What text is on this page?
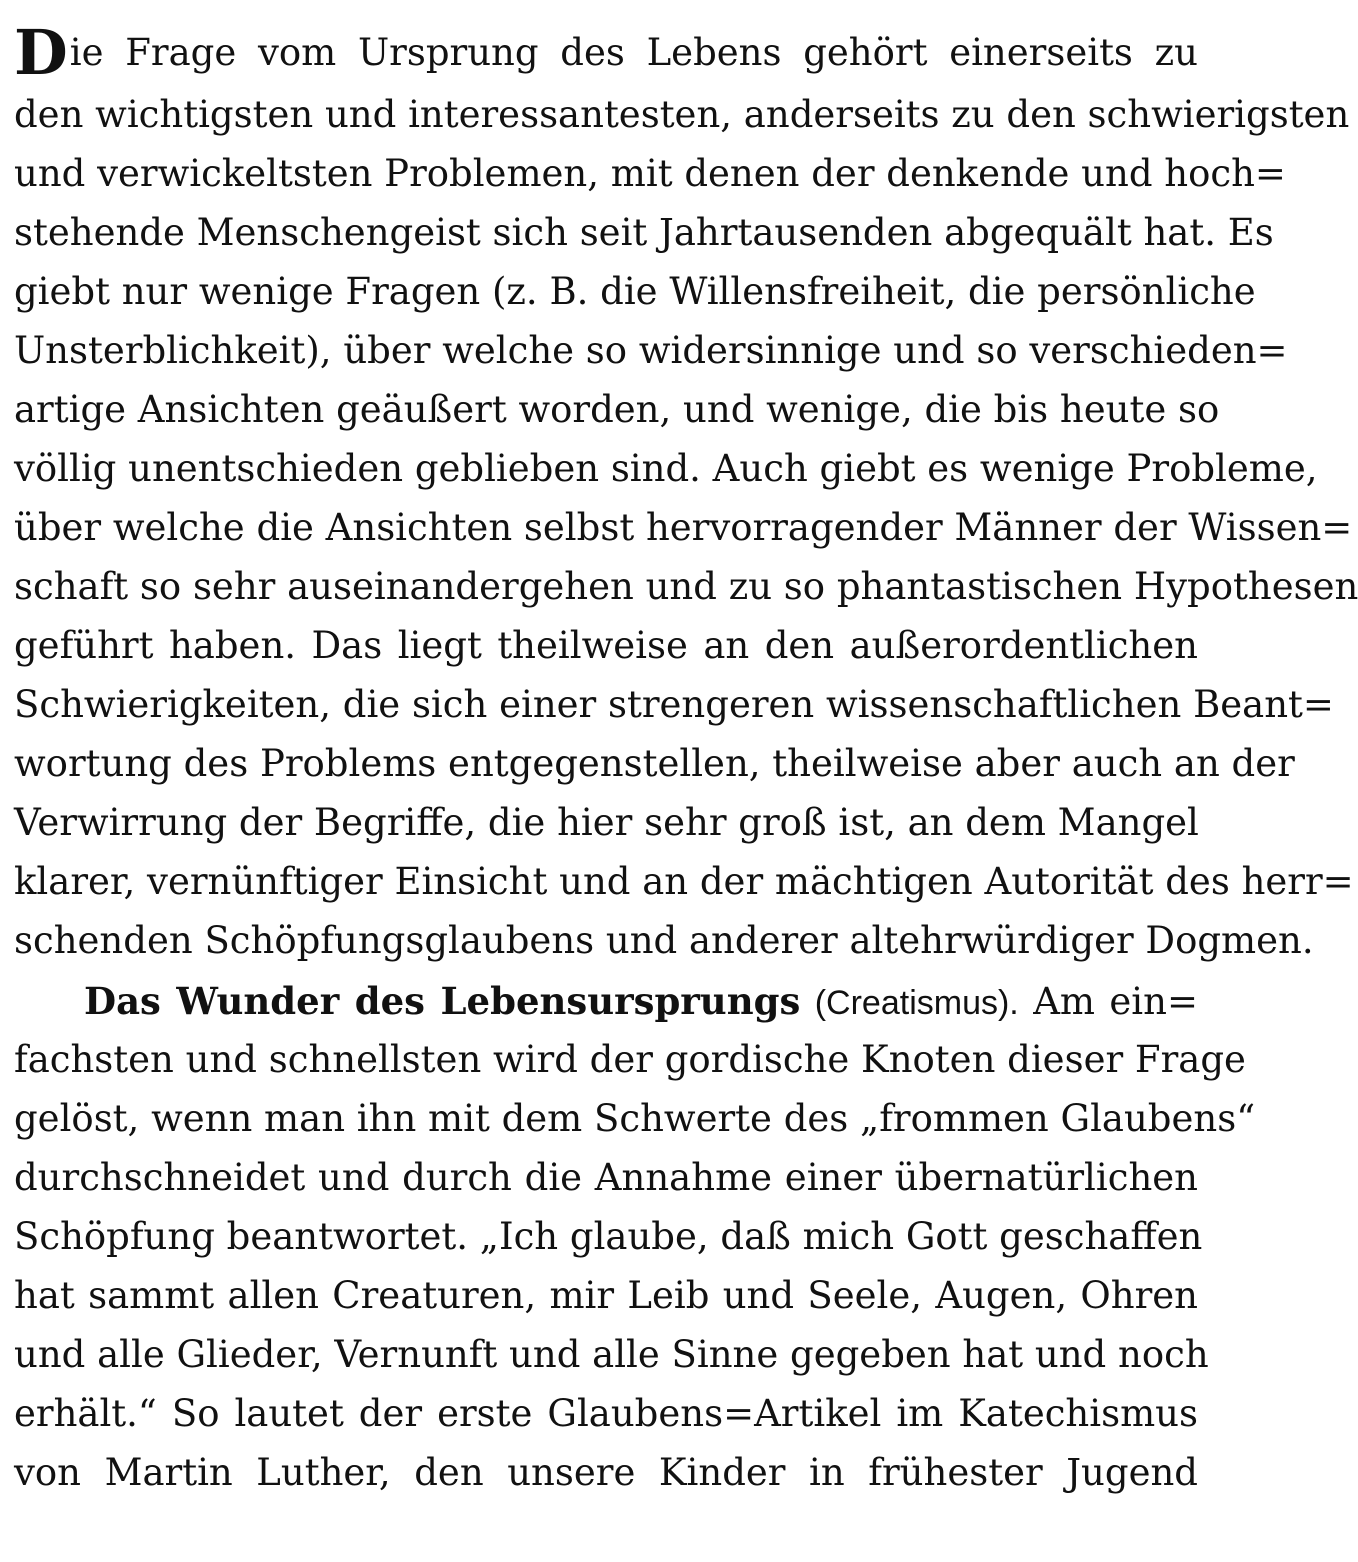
Die Frage vom Ursprung des Lebens gehört einerseits zu
den wichtigsten und interessantesten, anderseits zu den schwierigsten
und verwickeltsten Problemen, mit denen der denkende und hoch=
stehende Menschengeist sich seit Jahrtausenden abgequält hat. Es
giebt nur wenige Fragen (z. B. die Willensfreiheit, die persönliche
Unsterblichkeit), über welche so widersinnige und so verschieden=
artige Ansichten geäußert worden, und wenige, die bis heute so
völlig unentschieden geblieben sind. Auch giebt es wenige Probleme,
über welche die Ansichten selbst hervorragender Männer der Wissen=
schaft so sehr auseinandergehen und zu so phantastischen Hypothesen
geführt haben. Das liegt theilweise an den außerordentlichen
Schwierigkeiten, die sich einer strengeren wissenschaftlichen Beant=
wortung des Problems entgegenstellen, theilweise aber auch an der
Verwirrung der Begriffe, die hier sehr groß ist, an dem Mangel
klarer, vernünftiger Einsicht und an der mächtigen Autorität des herr=
schenden Schöpfungsglaubens und anderer altehrwürdiger Dogmen.
Das Wunder des Lebensursprungs (Creatismus). Am ein=
fachsten und schnellsten wird der gordische Knoten dieser Frage
gelöst, wenn man ihn mit dem Schwerte des „frommen Glaubens“
durchschneidet und durch die Annahme einer übernatürlichen
Schöpfung beantwortet. „Ich glaube, daß mich Gott geschaffen
hat sammt allen Creaturen, mir Leib und Seele, Augen, Ohren
und alle Glieder, Vernunft und alle Sinne gegeben hat und noch
erhält.“ So lautet der erste Glaubens=Artikel im Katechismus
von Martin Luther, den unsere Kinder in frühester Jugend
